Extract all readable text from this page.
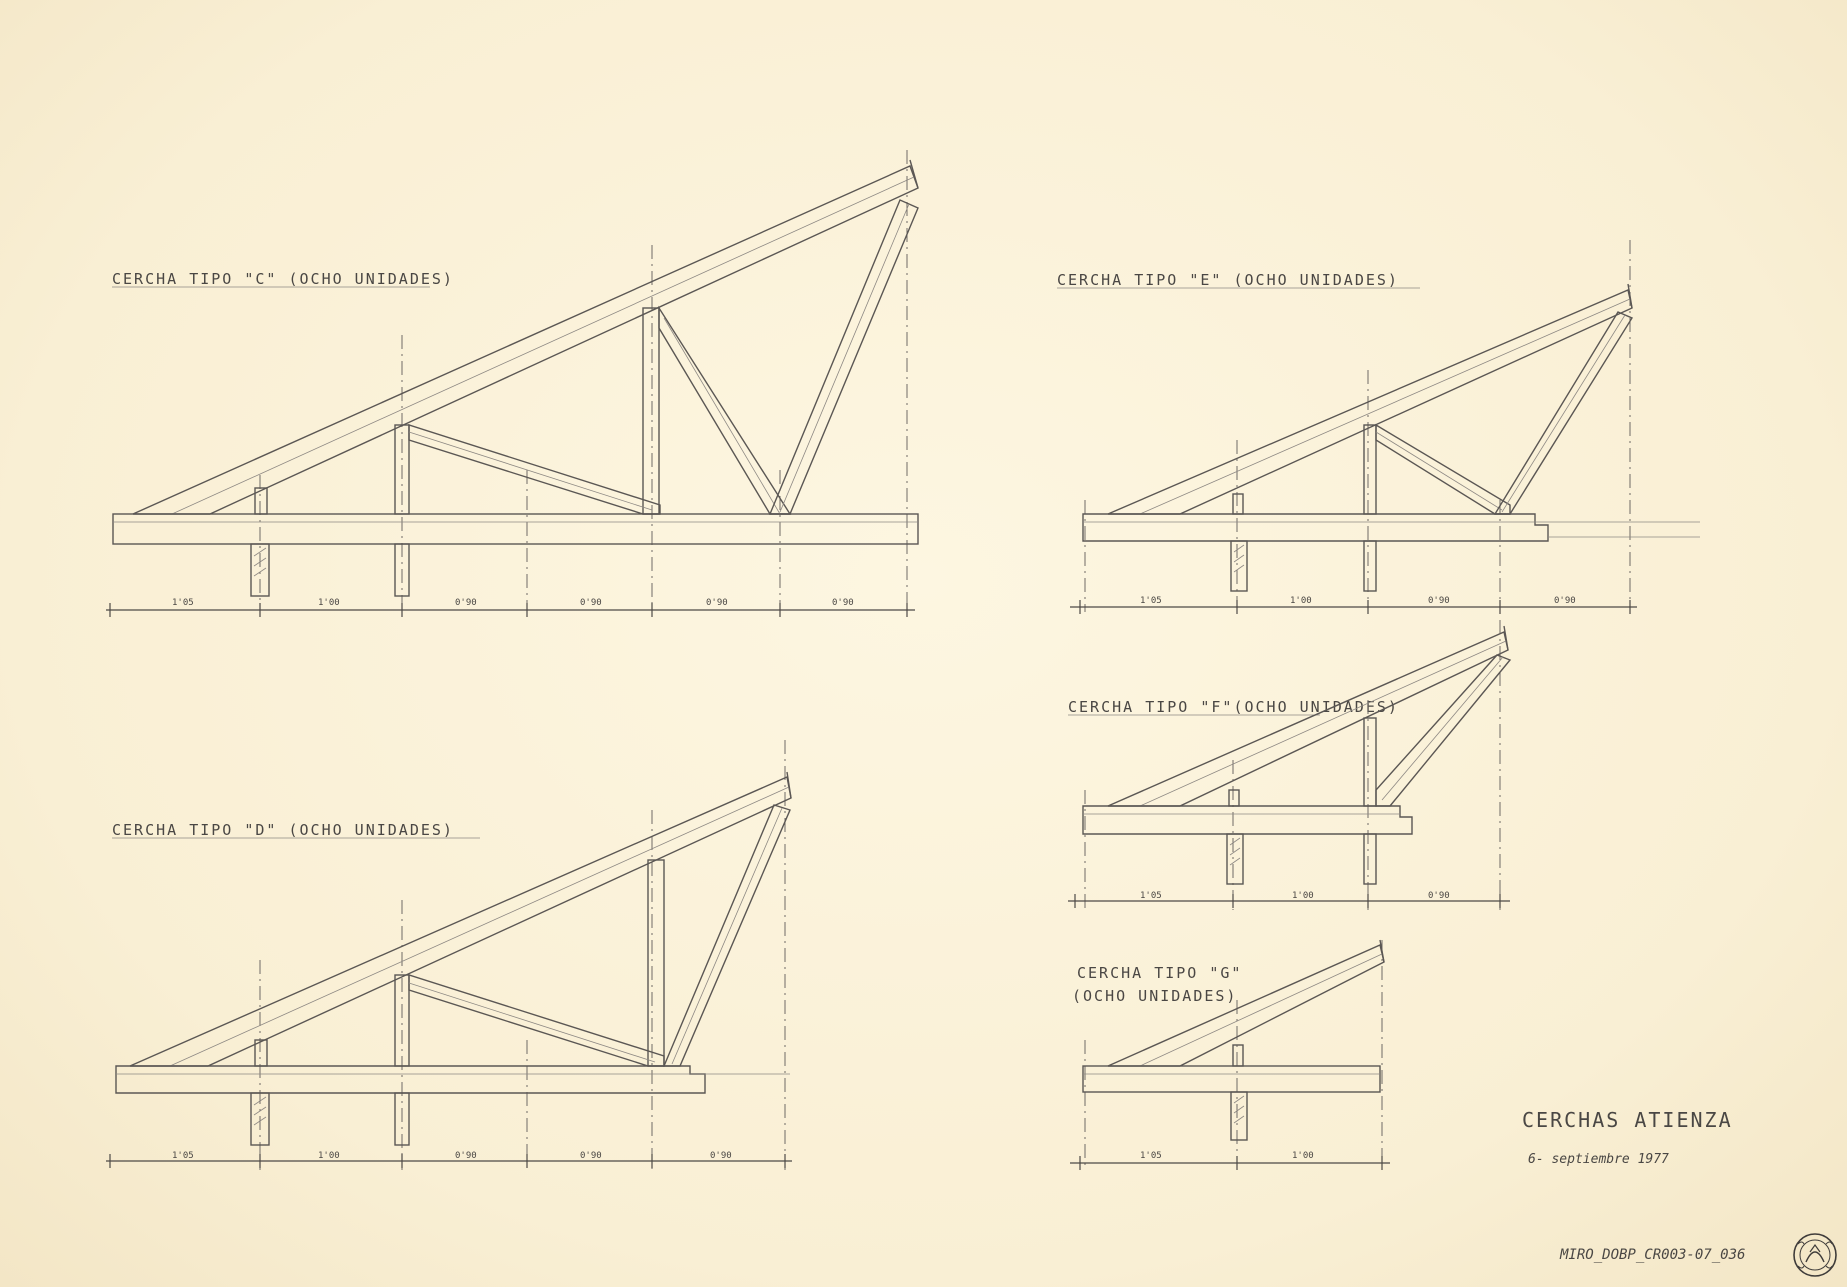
CERCHA TIPO "C" (OCHO UNIDADES)
1'05	1'00	0'90	0'90	0'90	0'90
CERCHA TIPO "D" (OCHO UNIDADES)
1'05	1'00	0'90	0'90	0'90
CERCHA TIPO "E" (OCHO UNIDADES)
1'05	1'00	0'90	0'90
CERCHA TIPO "F"(OCHO UNIDADES)
1'05	1'00	0'90
CERCHA TIPO "G"
(OCHO UNIDADES)
1'05	1'00
CERCHAS ATIENZA
6- septiembre 1977
MIRO_DOBP_CR003-07_036
